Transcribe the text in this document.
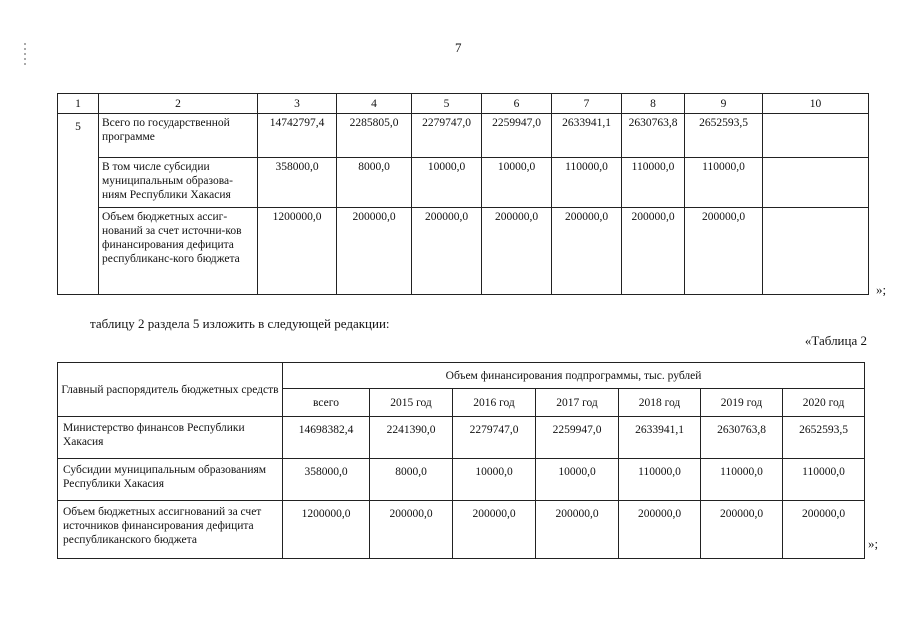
7
1	2	3	4	5	6	7	8	9	10
5	Всего по государственной программе	14742797,4	2285805,0	2279747,0	2259947,0	2633941,1	2630763,8	2652593,5	
	В том числе субсидии муниципальным образова-ниям Республики Хакасия	358000,0	8000,0	10000,0	10000,0	110000,0	110000,0	110000,0	
	Объем бюджетных ассиг-нований за счет источни-ков финансирования дефицита республиканс-кого бюджета	1200000,0	200000,0	200000,0	200000,0	200000,0	200000,0	200000,0	
»;
таблицу 2 раздела 5 изложить в следующей редакции:
«Таблица 2
Главный распорядитель бюджетных средств	Объем финансирования подпрограммы, тыс. рублей						
	всего	2015 год	2016 год	2017 год	2018 год	2019 год	2020 год
Министерство финансов Республики Хакасия	14698382,4	2241390,0	2279747,0	2259947,0	2633941,1	2630763,8	2652593,5
Субсидии муниципальным образованиям Республики Хакасия	358000,0	8000,0	10000,0	10000,0	110000,0	110000,0	110000,0
Объем бюджетных ассигнований за счет источников финансирования дефицита республиканского бюджета	1200000,0	200000,0	200000,0	200000,0	200000,0	200000,0	200000,0
»;
